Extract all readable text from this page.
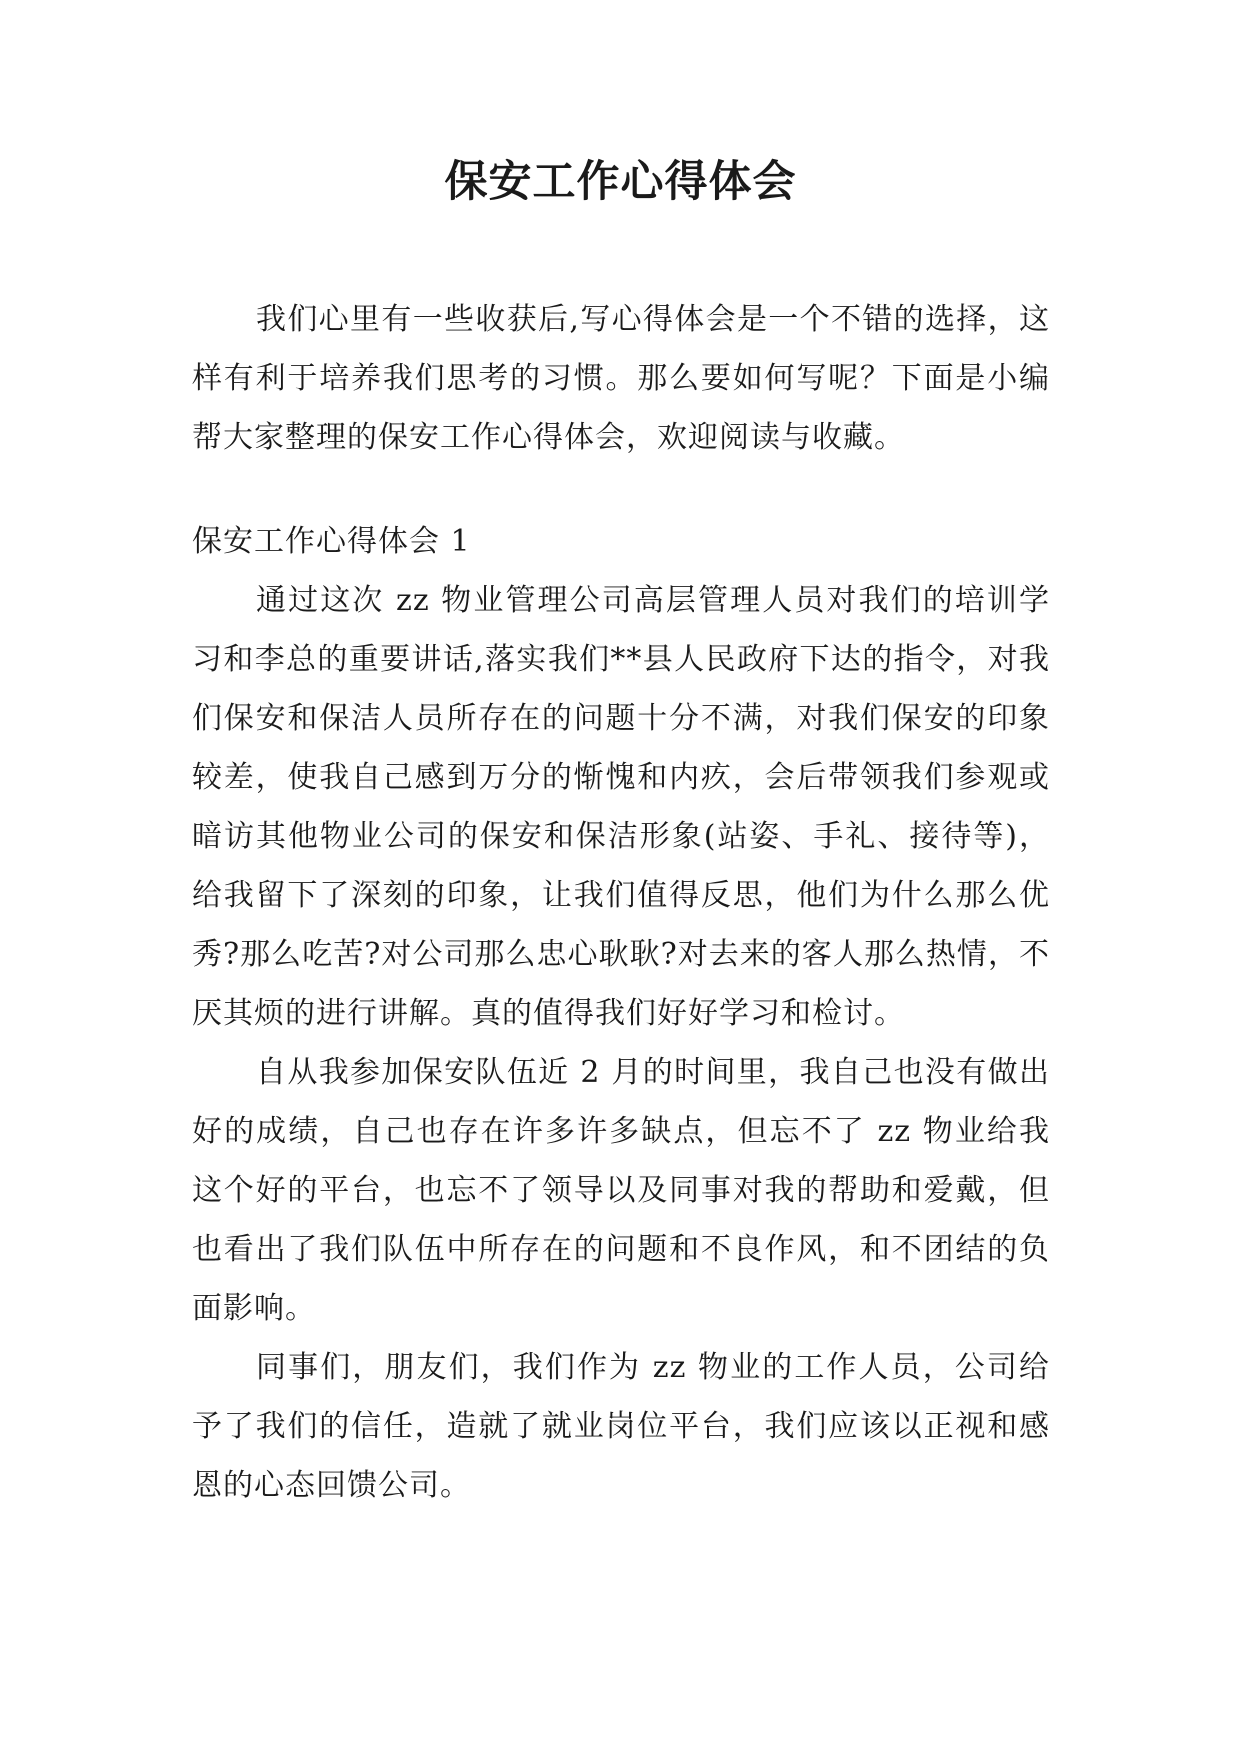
保安工作心得体会

我们心里有一些收获后,写心得体会是一个不错的选择，这样有利于培养我们思考的习惯。那么要如何写呢？下面是小编帮大家整理的保安工作心得体会，欢迎阅读与收藏。

保安工作心得体会 1

通过这次 zz 物业管理公司高层管理人员对我们的培训学习和李总的重要讲话,落实我们**县人民政府下达的指令，对我们保安和保洁人员所存在的问题十分不满，对我们保安的印象较差，使我自己感到万分的惭愧和内疚，会后带领我们参观或暗访其他物业公司的保安和保洁形象(站姿、手礼、接待等)，给我留下了深刻的印象，让我们值得反思，他们为什么那么优秀?那么吃苦?对公司那么忠心耿耿?对去来的客人那么热情，不厌其烦的进行讲解。真的值得我们好好学习和检讨。

自从我参加保安队伍近 2 月的时间里，我自己也没有做出好的成绩，自己也存在许多许多缺点，但忘不了 zz 物业给我这个好的平台，也忘不了领导以及同事对我的帮助和爱戴，但也看出了我们队伍中所存在的问题和不良作风，和不团结的负面影响。

同事们，朋友们，我们作为 zz 物业的工作人员，公司给予了我们的信任，造就了就业岗位平台，我们应该以正视和感恩的心态回馈公司。
